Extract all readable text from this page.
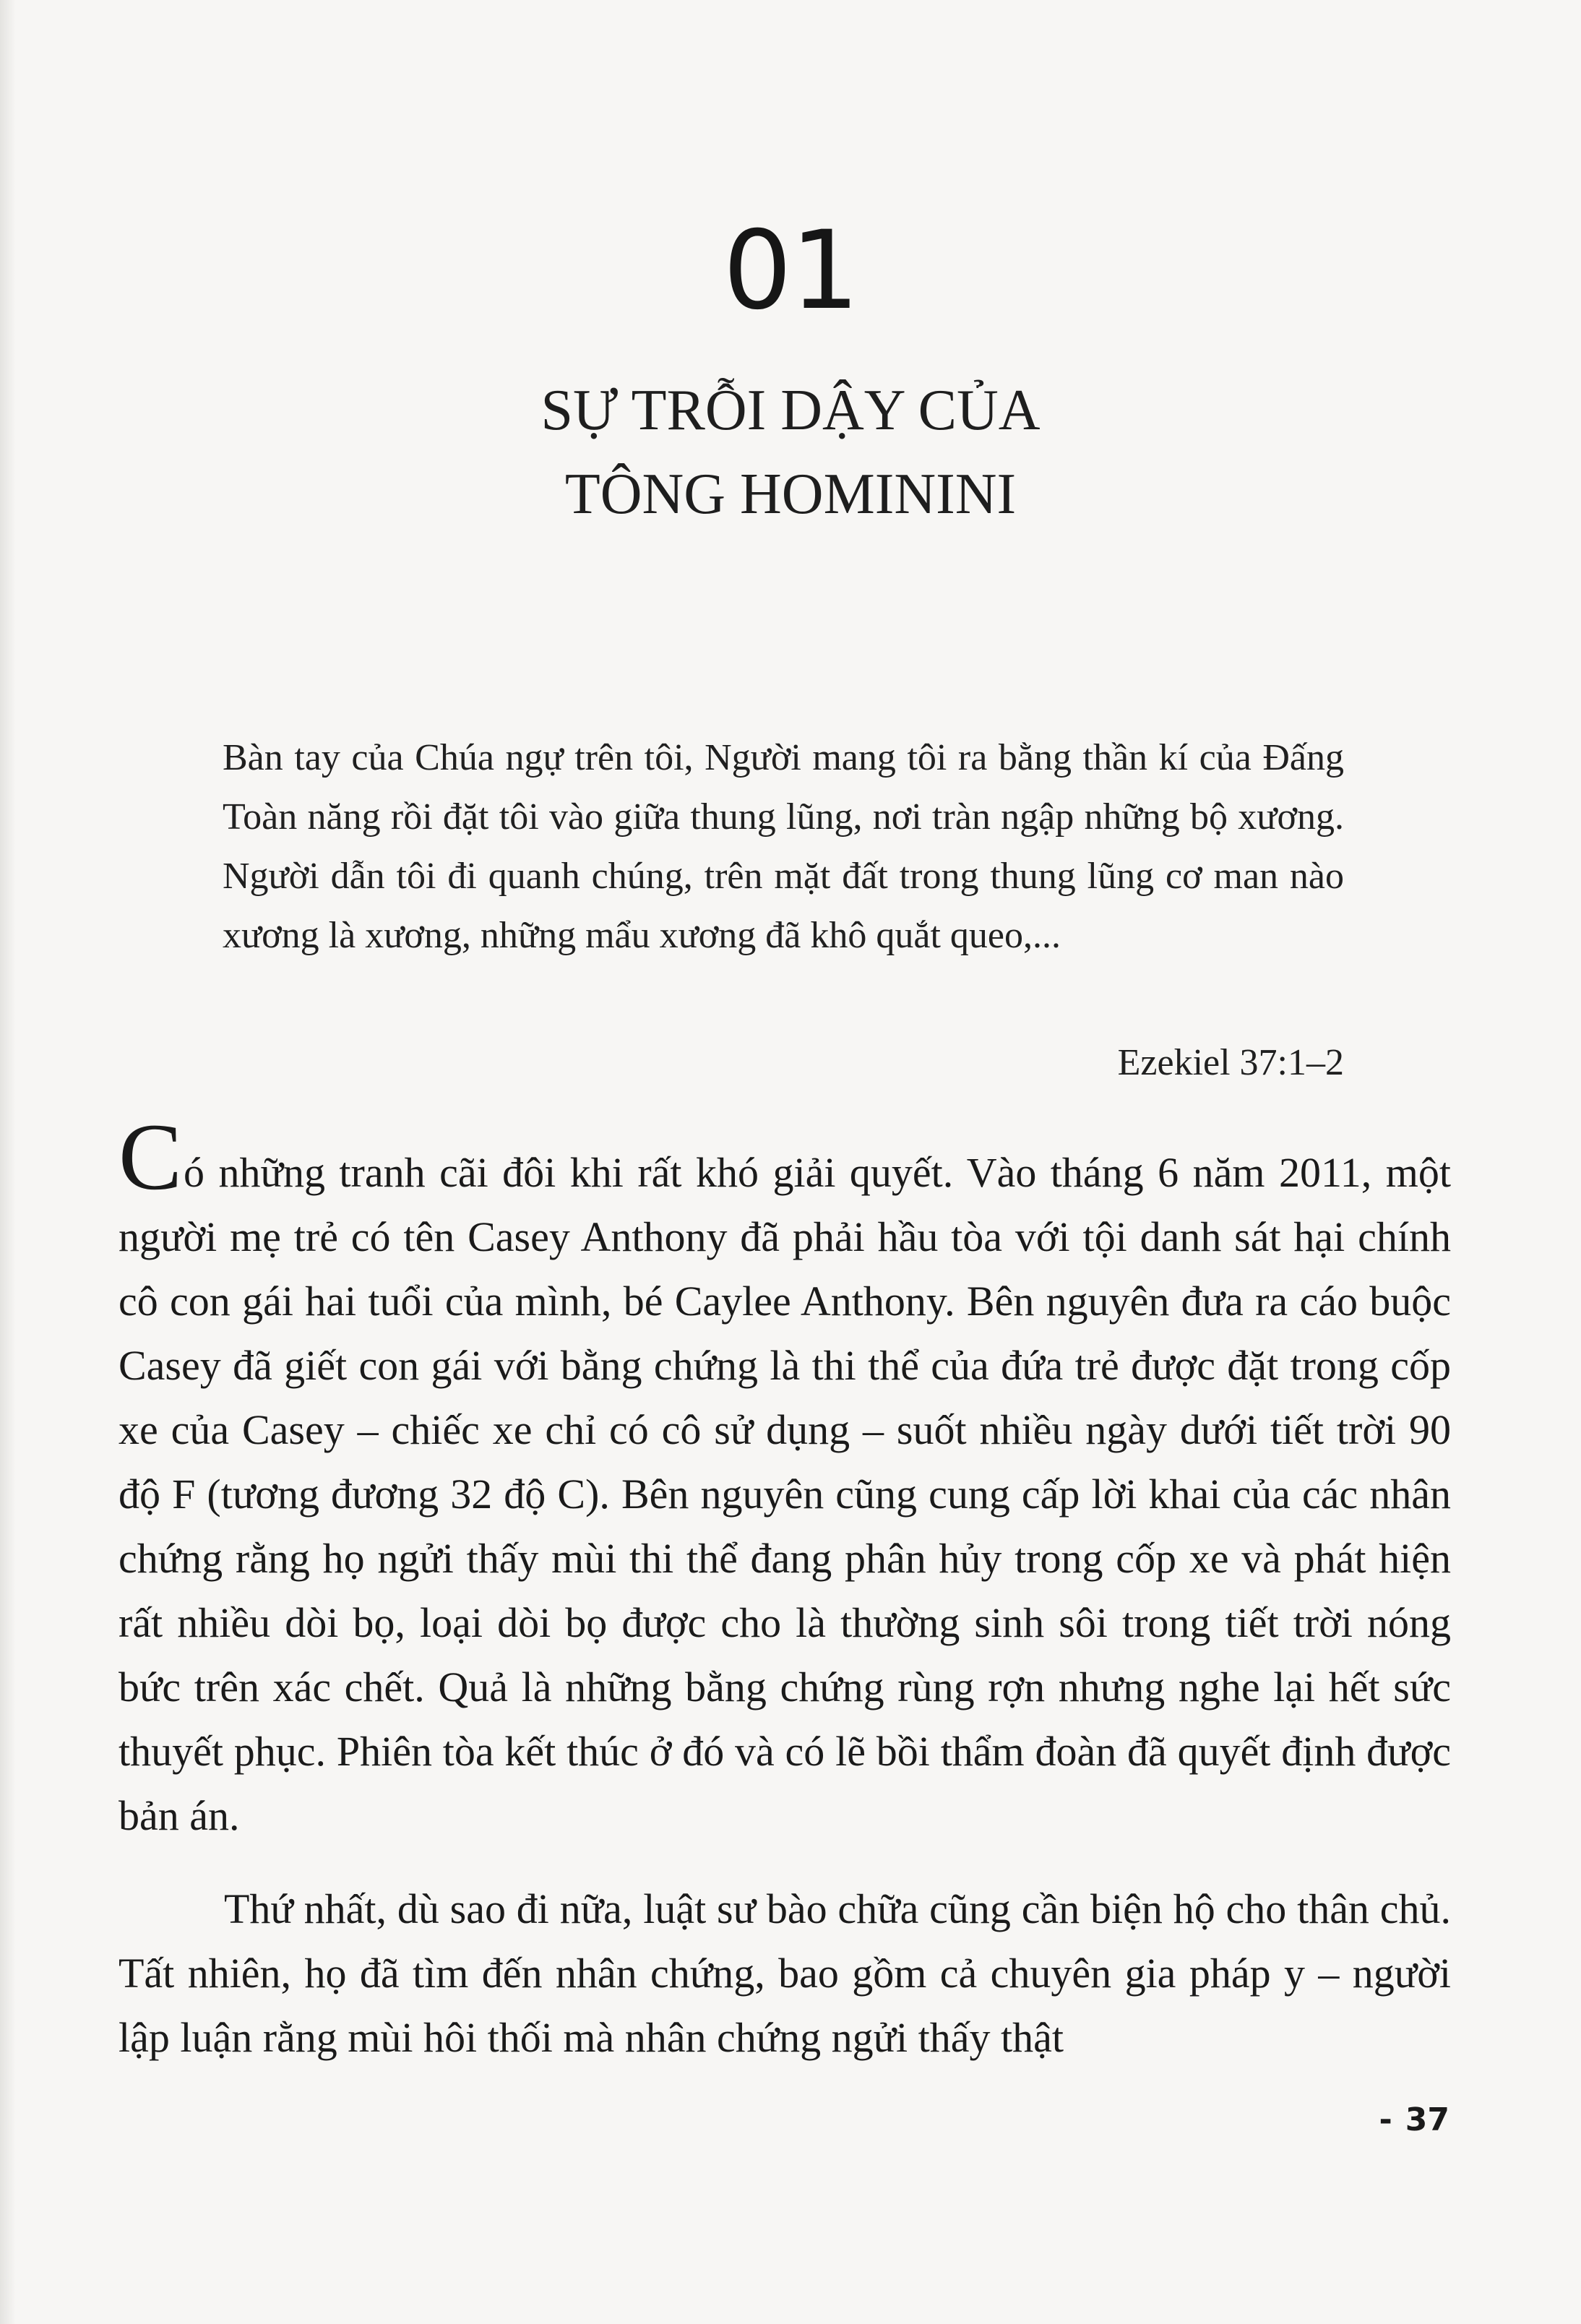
01
SỰ TRỖI DẬY CỦA
TÔNG HOMININI
Bàn tay của Chúa ngự trên tôi, Người mang tôi ra bằng thần kí của Đấng Toàn năng rồi đặt tôi vào giữa thung lũng, nơi tràn ngập những bộ xương. Người dẫn tôi đi quanh chúng, trên mặt đất trong thung lũng cơ man nào xương là xương, những mẩu xương đã khô quắt queo,...
Ezekiel 37:1–2

Có những tranh cãi đôi khi rất khó giải quyết. Vào tháng 6 năm 2011, một người mẹ trẻ có tên Casey Anthony đã phải hầu tòa với tội danh sát hại chính cô con gái hai tuổi của mình, bé Caylee Anthony. Bên nguyên đưa ra cáo buộc Casey đã giết con gái với bằng chứng là thi thể của đứa trẻ được đặt trong cốp xe của Casey – chiếc xe chỉ có cô sử dụng – suốt nhiều ngày dưới tiết trời 90 độ F (tương đương 32 độ C). Bên nguyên cũng cung cấp lời khai của các nhân chứng rằng họ ngửi thấy mùi thi thể đang phân hủy trong cốp xe và phát hiện rất nhiều dòi bọ, loại dòi bọ được cho là thường sinh sôi trong tiết trời nóng bức trên xác chết. Quả là những bằng chứng rùng rợn nhưng nghe lại hết sức thuyết phục. Phiên tòa kết thúc ở đó và có lẽ bồi thẩm đoàn đã quyết định được bản án.

Thứ nhất, dù sao đi nữa, luật sư bào chữa cũng cần biện hộ cho thân chủ. Tất nhiên, họ đã tìm đến nhân chứng, bao gồm cả chuyên gia pháp y – người lập luận rằng mùi hôi thối mà nhân chứng ngửi thấy thật

- 37
